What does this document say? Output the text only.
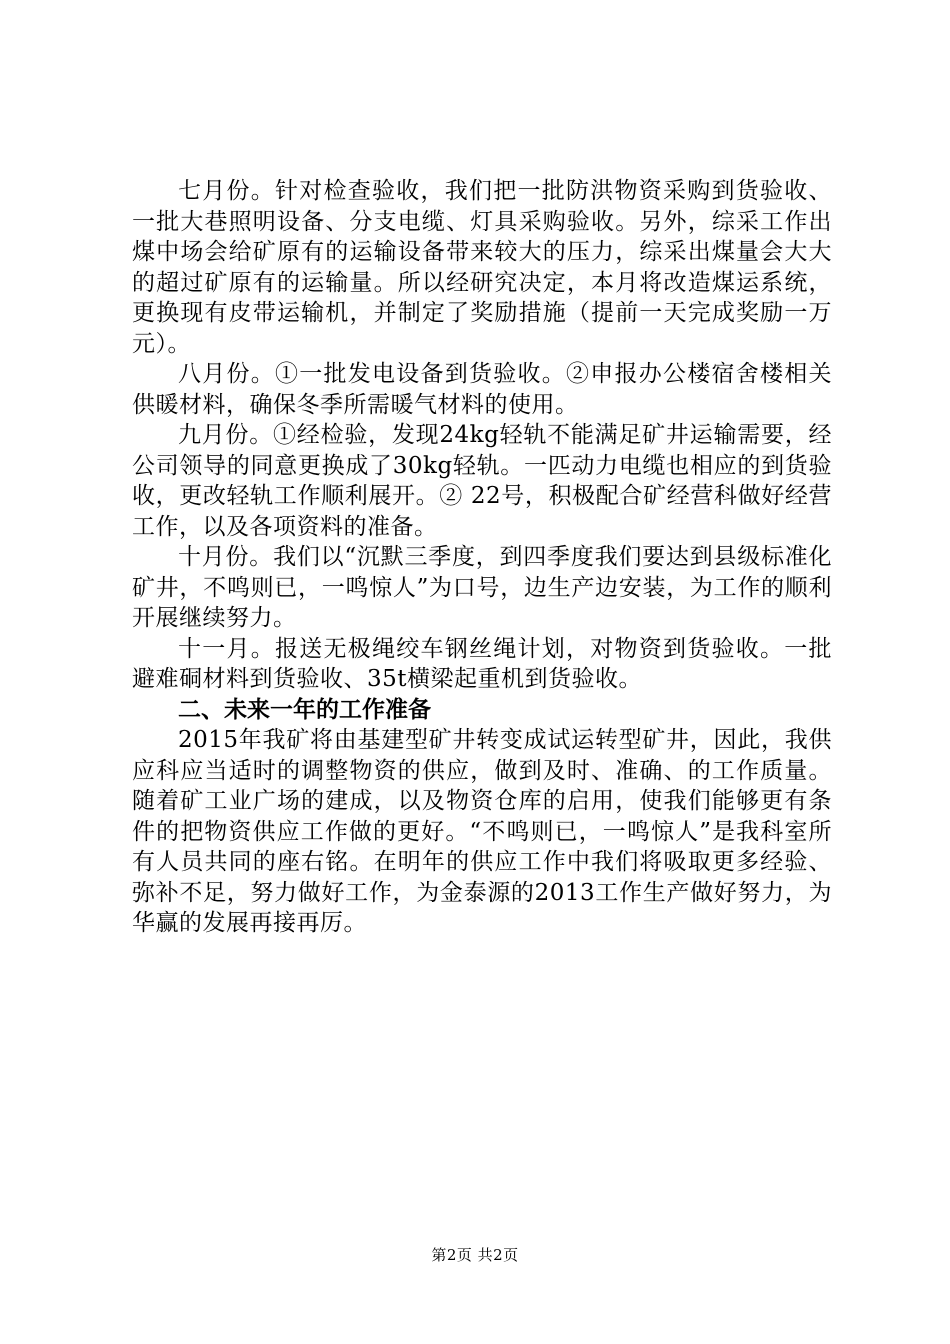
七月份。针对检查验收，我们把一批防洪物资采购到货验收、一批大巷照明设备、分支电缆、灯具采购验收。另外，综采工作出煤中场会给矿原有的运输设备带来较大的压力，综采出煤量会大大的超过矿原有的运输量。所以经研究决定，本月将改造煤运系统，更换现有皮带运输机，并制定了奖励措施（提前一天完成奖励一万元）。

八月份。①一批发电设备到货验收。②申报办公楼宿舍楼相关供暖材料，确保冬季所需暖气材料的使用。

九月份。①经检验，发现24kg轻轨不能满足矿井运输需要，经公司领导的同意更换成了30kg轻轨。一匹动力电缆也相应的到货验收，更改轻轨工作顺利展开。② 22号，积极配合矿经营科做好经营工作，以及各项资料的准备。

十月份。我们以“沉默三季度，到四季度我们要达到县级标准化矿井，不鸣则已，一鸣惊人”为口号，边生产边安装，为工作的顺利开展继续努力。

十一月。报送无极绳绞车钢丝绳计划，对物资到货验收。一批避难硐材料到货验收、35t横梁起重机到货验收。

二、未来一年的工作准备

2015年我矿将由基建型矿井转变成试运转型矿井，因此，我供应科应当适时的调整物资的供应，做到及时、准确、的工作质量。随着矿工业广场的建成，以及物资仓库的启用，使我们能够更有条件的把物资供应工作做的更好。“不鸣则已，一鸣惊人”是我科室所有人员共同的座右铭。在明年的供应工作中我们将吸取更多经验、弥补不足，努力做好工作，为金泰源的2013工作生产做好努力，为华赢的发展再接再厉。

第2页 共2页
